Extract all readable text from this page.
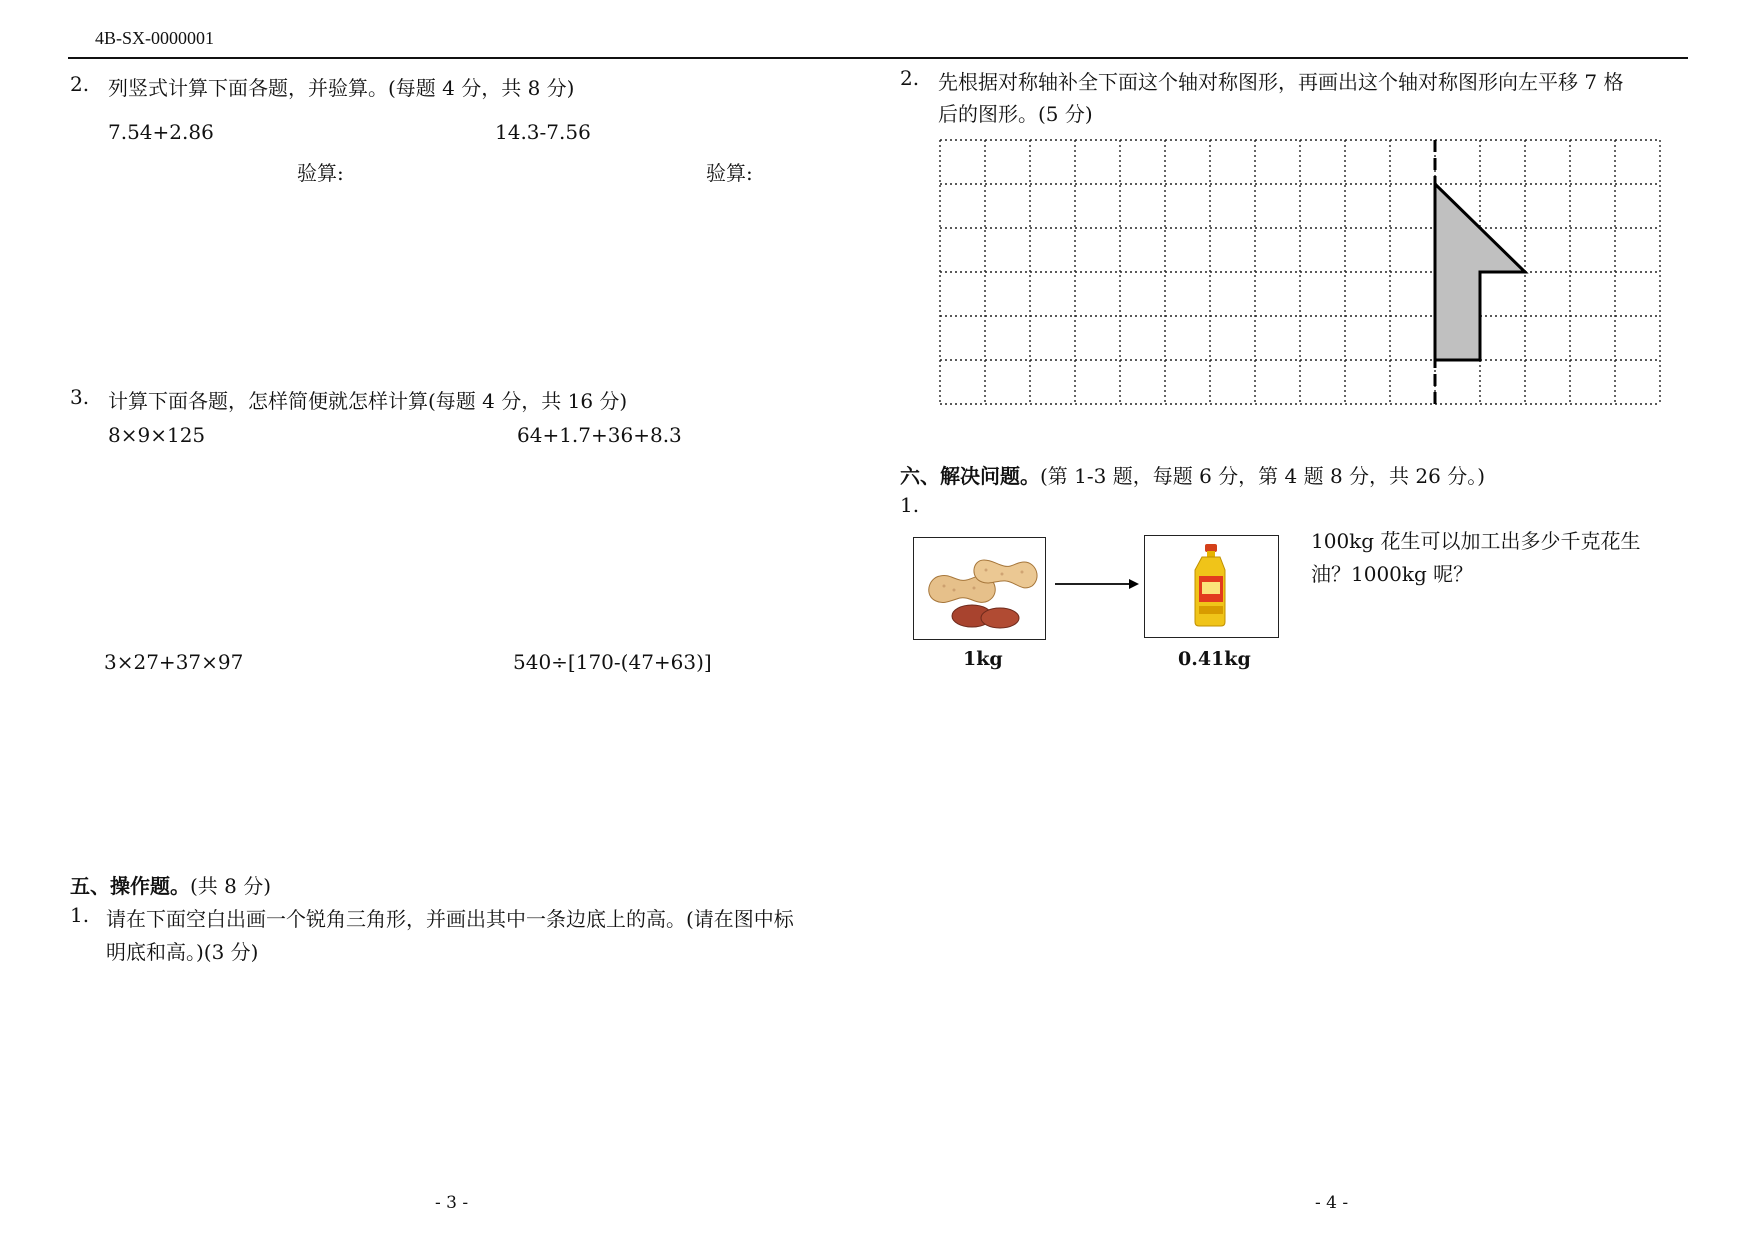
4B-SX-0000001
2. 列竖式计算下面各题，并验算。(每题 4 分，共 8 分)
7.54+2.86	14.3-7.56
验算:	验算:
3. 计算下面各题，怎样简便就怎样计算(每题 4 分，共 16 分)
8×9×125	64+1.7+36+8.3
3×27+37×97	540÷[170-(47+63)]
五、操作题。(共 8 分)
1. 请在下面空白出画一个锐角三角形，并画出其中一条边底上的高。(请在图中标
明底和高。)(3 分)
- 3 -
2. 先根据对称轴补全下面这个轴对称图形，再画出这个轴对称图形向左平移 7 格
后的图形。(5 分)
六、解决问题。(第 1-3 题，每题 6 分，第 4 题 8 分，共 26 分。)
1.
1kg	0.41kg
100kg 花生可以加工出多少千克花生
油？1000kg 呢？
- 4 -
